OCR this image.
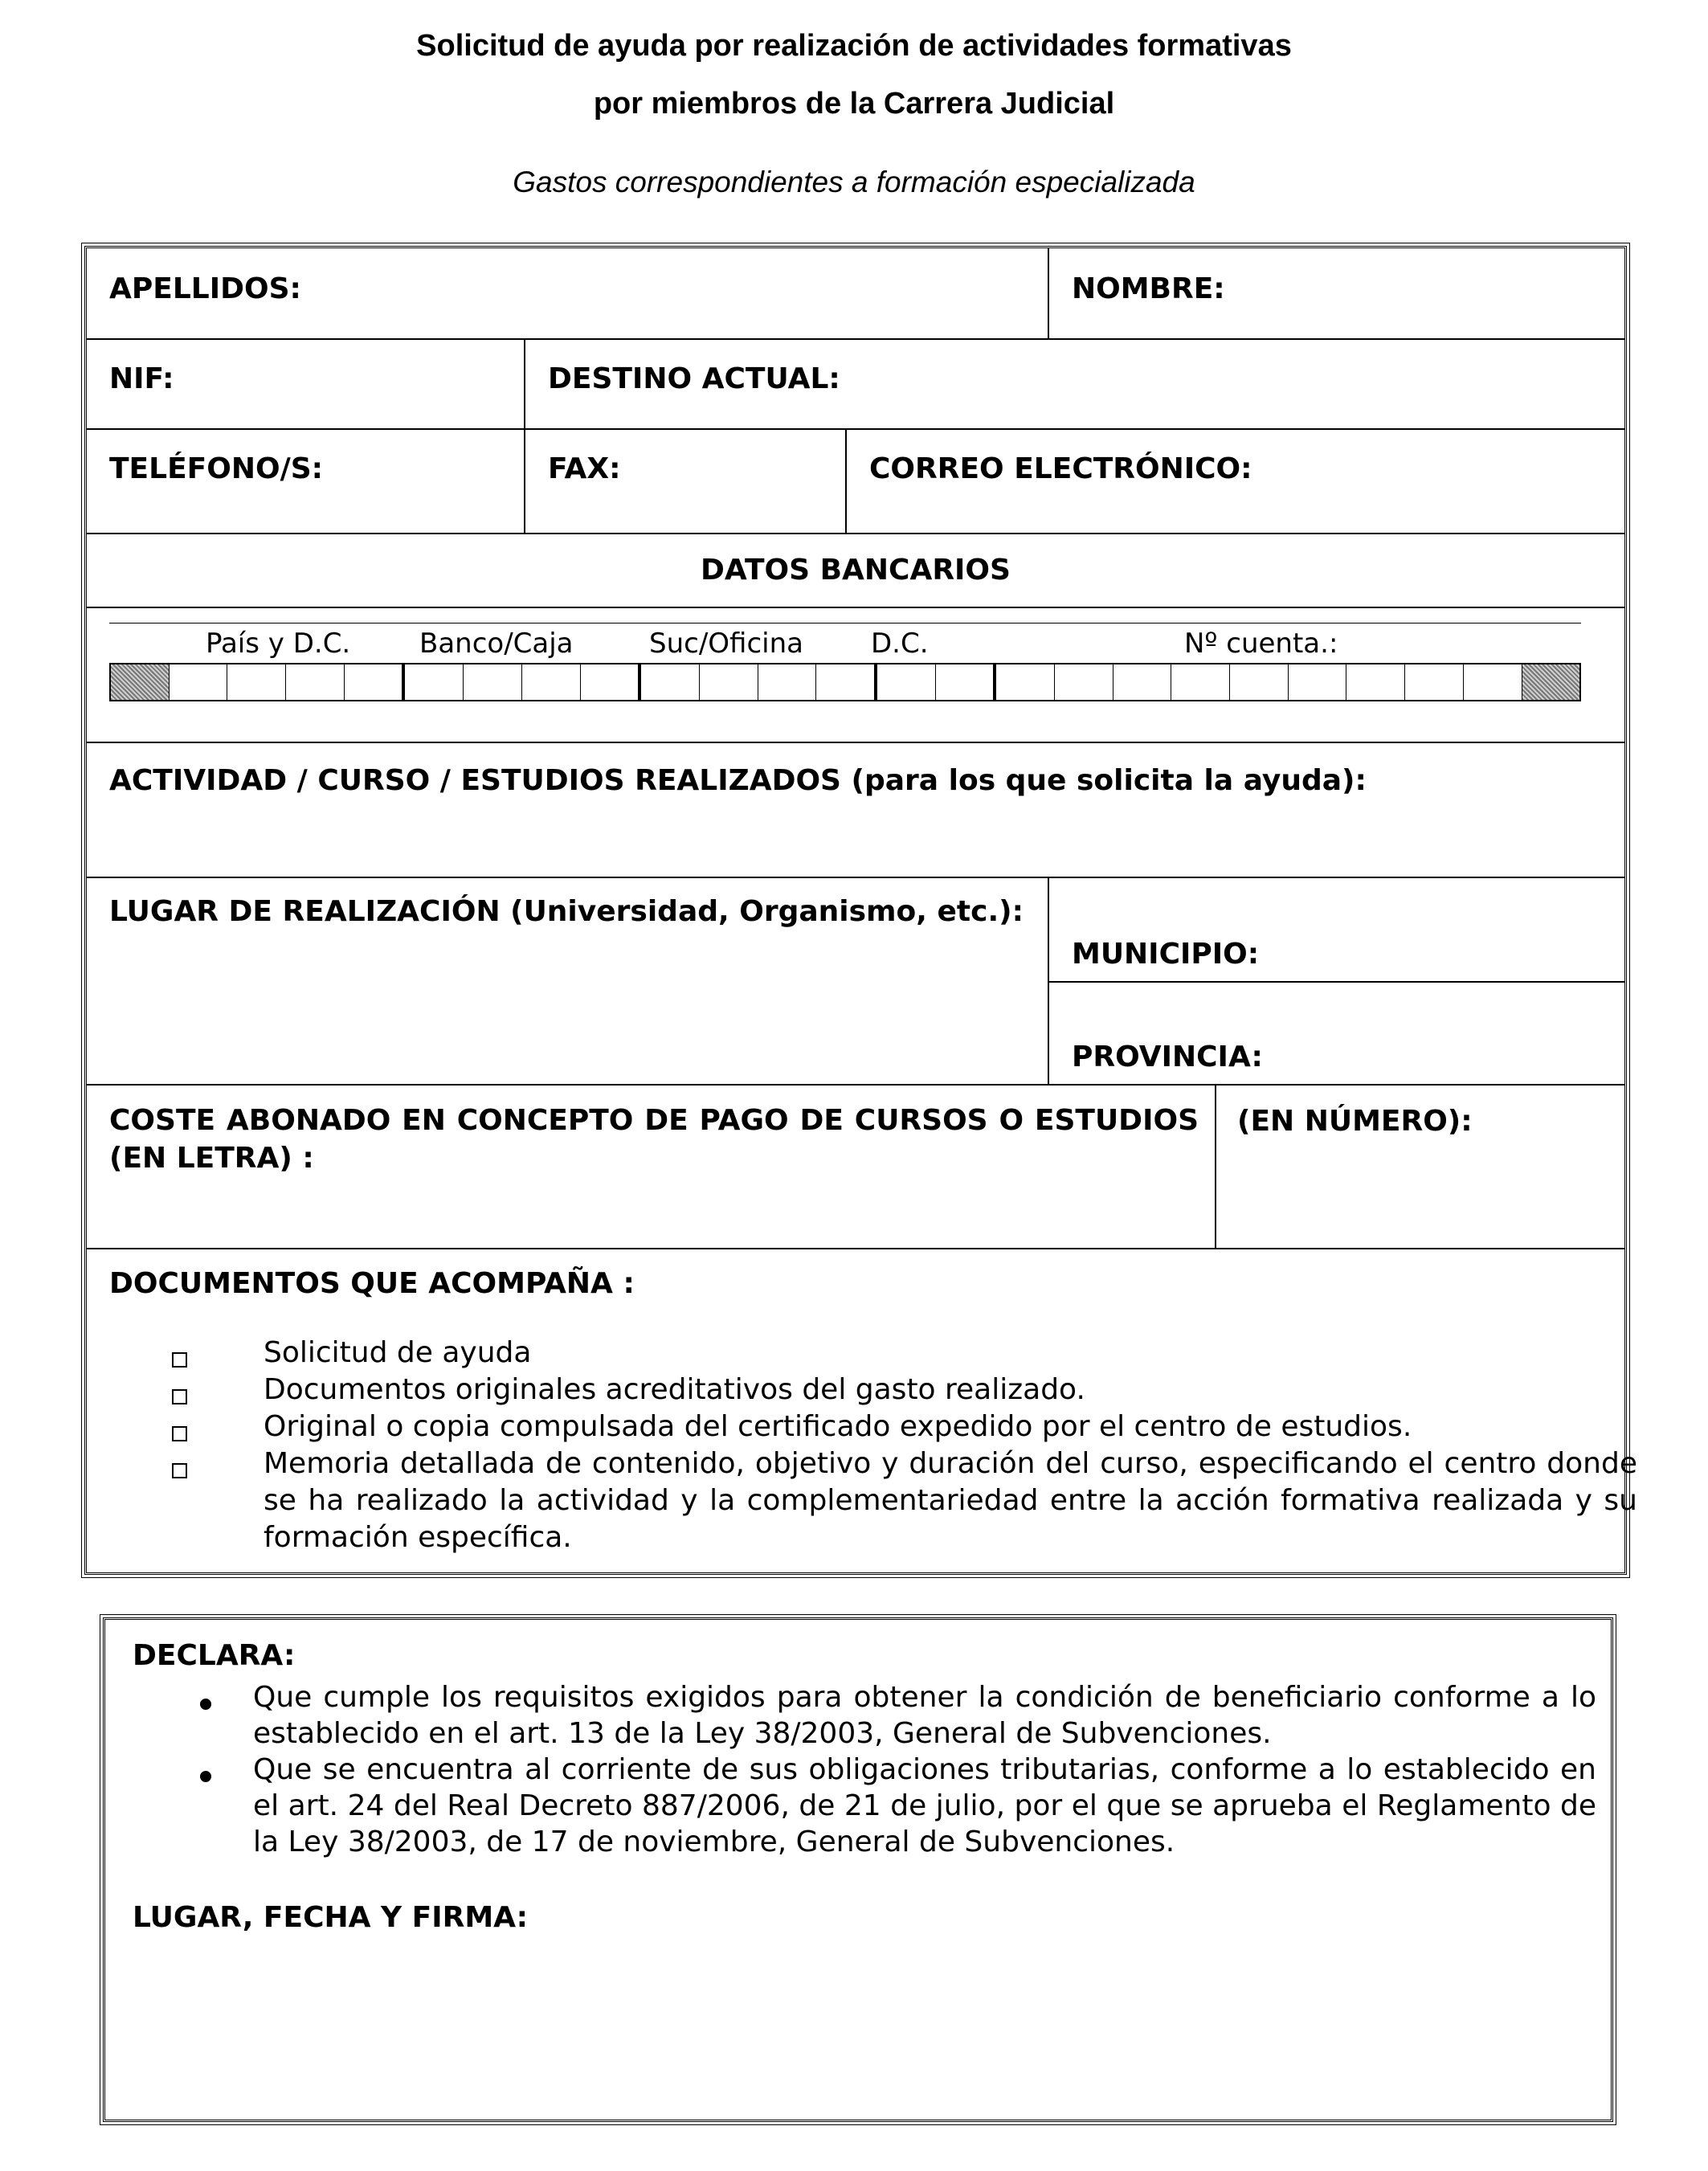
Solicitud de ayuda por realización de actividades formativas
por miembros de la Carrera Judicial
Gastos correspondientes a formación especializada
APELLIDOS:	NOMBRE:
NIF:	DESTINO ACTUAL:
TELÉFONO/S:	FAX:	CORREO ELECTRÓNICO:
DATOS BANCARIOS
País y D.C.	Banco/Caja	Suc/Oficina D.C.	Nº cuenta.:
ACTIVIDAD / CURSO / ESTUDIOS REALIZADOS (para los que solicita la ayuda):
LUGAR DE REALIZACIÓN (Universidad, Organismo, etc.):
MUNICIPIO:
PROVINCIA:
COSTE ABONADO EN CONCEPTO DE PAGO DE CURSOS O ESTUDIOS (EN LETRA) :
(EN NÚMERO):
DOCUMENTOS QUE ACOMPAÑA :
Solicitud de ayuda
Documentos originales acreditativos del gasto realizado.
Original o copia compulsada del certificado expedido por el centro de estudios.
Memoria detallada de contenido, objetivo y duración del curso, especificando el centro donde se ha realizado la actividad y la complementariedad entre la acción formativa realizada y su formación específica.
DECLARA:
Que cumple los requisitos exigidos para obtener la condición de beneficiario conforme a lo establecido en el art. 13 de la Ley 38/2003, General de Subvenciones.
Que se encuentra al corriente de sus obligaciones tributarias, conforme a lo establecido en el art. 24 del Real Decreto 887/2006, de 21 de julio, por el que se aprueba el Reglamento de la Ley 38/2003, de 17 de noviembre, General de Subvenciones.
LUGAR, FECHA Y FIRMA:
